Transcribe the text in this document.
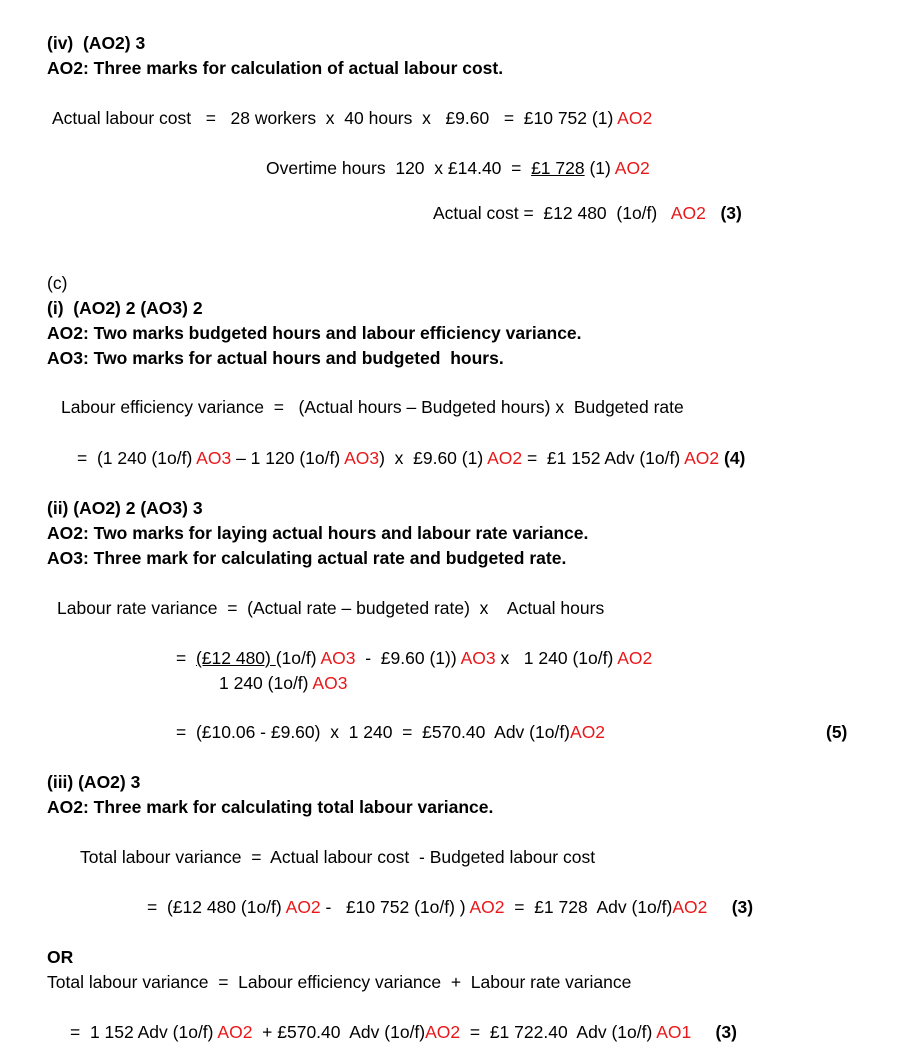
(iv)  (AO2) 3
AO2: Three marks for calculation of actual labour cost.
Actual labour cost   =   28 workers  x  40 hours  x   £9.60   =  £10 752 (1) AO2
Overtime hours  120  x £14.40  =  £1 728 (1) AO2
Actual cost =  £12 480  (1o/f)   AO2 (3)
(c)
(i)  (AO2) 2 (AO3) 2
AO2: Two marks budgeted hours and labour efficiency variance.
AO3: Two marks for actual hours and budgeted  hours.
Labour efficiency variance  =   (Actual hours – Budgeted hours) x  Budgeted rate
=  (1 240 (1o/f) AO3 – 1 120 (1o/f) AO3)  x  £9.60 (1) AO2 =  £1 152 Adv (1o/f) AO2 (4)
(ii) (AO2) 2 (AO3) 3
AO2: Two marks for laying actual hours and labour rate variance.
AO3: Three mark for calculating actual rate and budgeted rate.
Labour rate variance  =  (Actual rate – budgeted rate)  x    Actual hours
=  (£12 480) (1o/f) AO3  -  £9.60 (1)) AO3 x   1 240 (1o/f) AO2
1 240 (1o/f) AO3
=  (£10.06 - £9.60)  x  1 240  =  £570.40  Adv (1o/f)AO2	(5)
(iii) (AO2) 3
AO2: Three mark for calculating total labour variance.
Total labour variance  =  Actual labour cost  - Budgeted labour cost
=  (£12 480 (1o/f) AO2 -   £10 752 (1o/f) ) AO2  =  £1 728  Adv (1o/f)AO2 (3)
OR
Total labour variance  =  Labour efficiency variance  +  Labour rate variance
=  1 152 Adv (1o/f) AO2  + £570.40  Adv (1o/f)AO2  =  £1 722.40  Adv (1o/f) AO1 (3)
